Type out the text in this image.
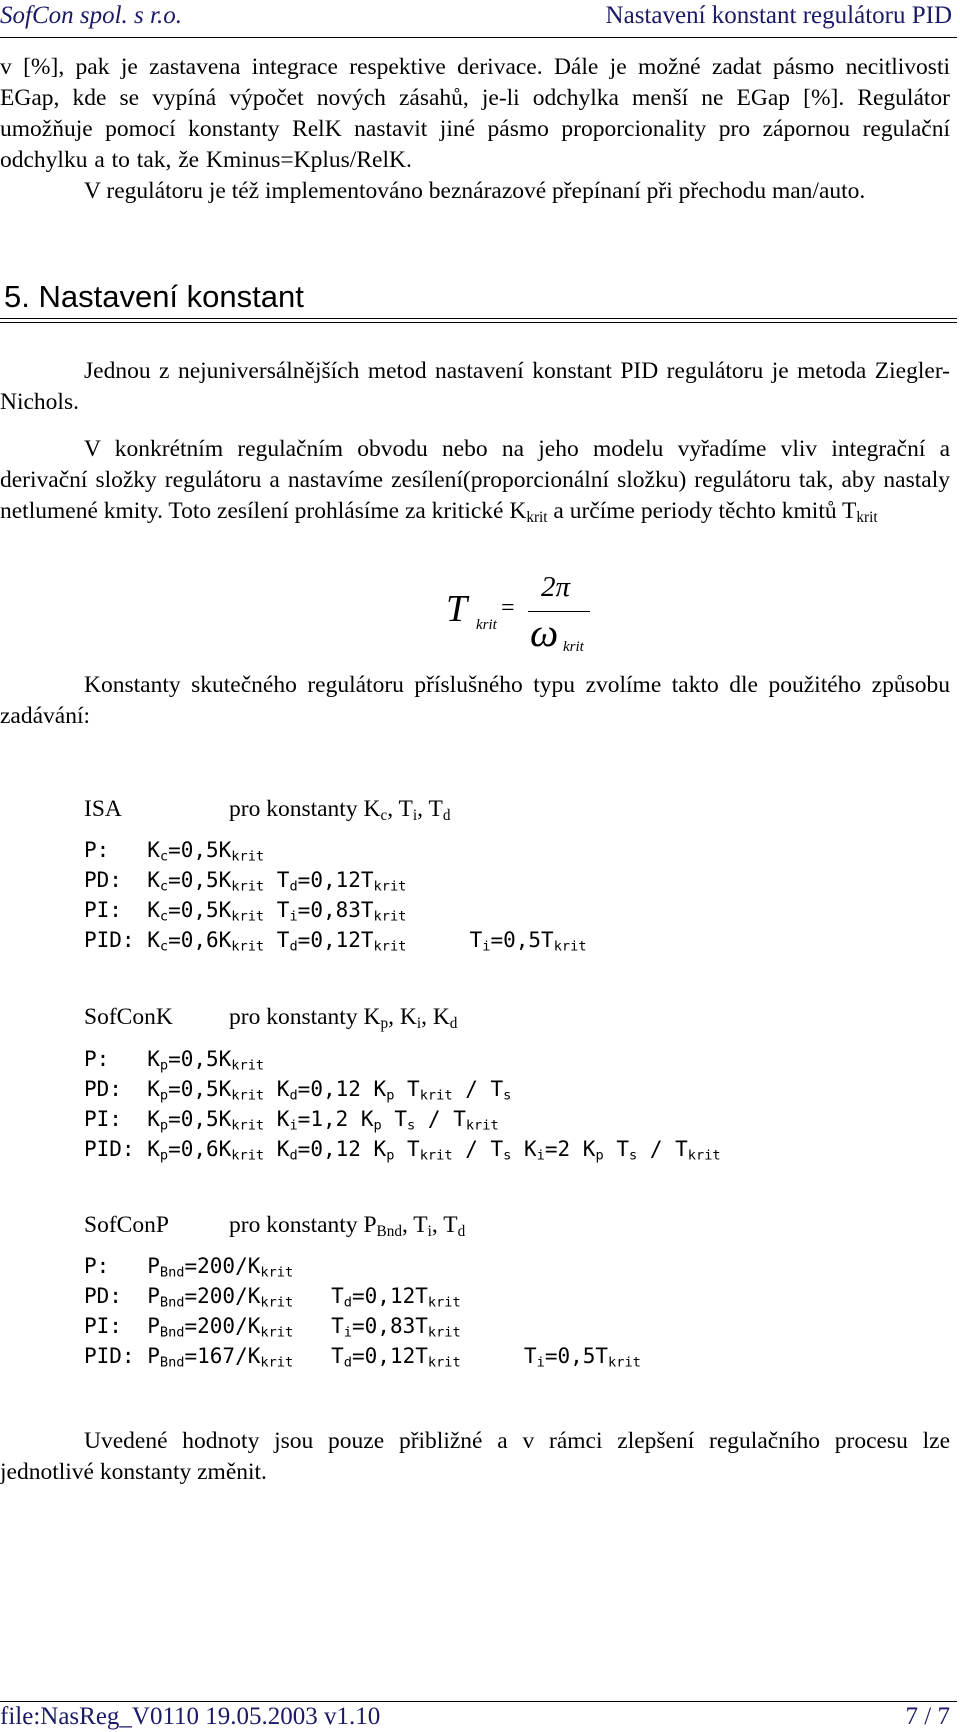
SofCon spol. s r.o.	Nastavení konstant regulátoru PID

v [%], pak je zastavena integrace respektive derivace. Dále je možné zadat pásmo necitlivosti EGap, kde se vypíná výpočet nových zásahů, je-li odchylka menší ne EGap [%]. Regulátor umožňuje pomocí konstanty RelK nastavit jiné pásmo proporcionality pro zápornou regulační odchylku a to tak, že Kminus=Kplus/RelK.

V regulátoru je též implementováno beznárazové přepínaní při přechodu man/auto.

5. Nastavení konstant

Jednou z nejuniversálnějších metod nastavení konstant PID regulátoru je metoda Ziegler-Nichols.

V konkrétním regulačním obvodu nebo na jeho modelu vyřadíme vliv integrační a derivační složky regulátoru a nastavíme zesílení(proporcionální složku) regulátoru tak, aby nastaly netlumené kmity. Toto zesílení prohlásíme za kritické $K_{krit}$ a určíme periody těchto kmitů $T_{krit}$

T krit
=
2π
ω krit

Konstanty skutečného regulátoru příslušného typu zvolíme takto dle použitého způsobu zadávání:

ISA	pro konstanty $K_c$, $T_i$, $T_d$
P:   $K_c=0,5K_{krit}$
PD:  $K_c=0,5K_{krit}$ $T_d=0,12T_{krit}$
PI:  $K_c=0,5K_{krit}$ $T_i=0,83T_{krit}$
PID: $K_c=0,6K_{krit}$ $T_d=0,12T_{krit}$     $T_i=0,5T_{krit}$
SofConK pro konstanty $K_p$, $K_i$, $K_d$
P:   $K_p=0,5K_{krit}$
PD:  $K_p=0,5K_{krit}$ $K_d=0,12$ $K_p$ $T_{krit} / T_s$
PI:  $K_p=0,5K_{krit}$ $K_i=1,2$ $K_p$ $T_s / T_{krit}$
PID: $K_p=0,6K_{krit}$ $K_d=0,12$ $K_p$ $T_{krit} / T_s$ $K_i=2$ $K_p$ $T_s / T_{krit}$
SofConP	pro konstanty $P_{Bnd}$, $T_i$, $T_d$
P:   $P_{Bnd}=200/K_{krit}$
PD:  $P_{Bnd}=200/K_{krit}$   $T_d=0,12T_{krit}$
PI:  $P_{Bnd}=200/K_{krit}$   $T_i=0,83T_{krit}$
PID: $P_{Bnd}=167/K_{krit}$   $T_d=0,12T_{krit}$     $T_i=0,5T_{krit}$

Uvedené hodnoty jsou pouze přibližné a v rámci zlepšení regulačního procesu lze jednotlivé konstanty změnit.

file:NasReg_V0110 19.05.2003 v1.10	7 / 7
